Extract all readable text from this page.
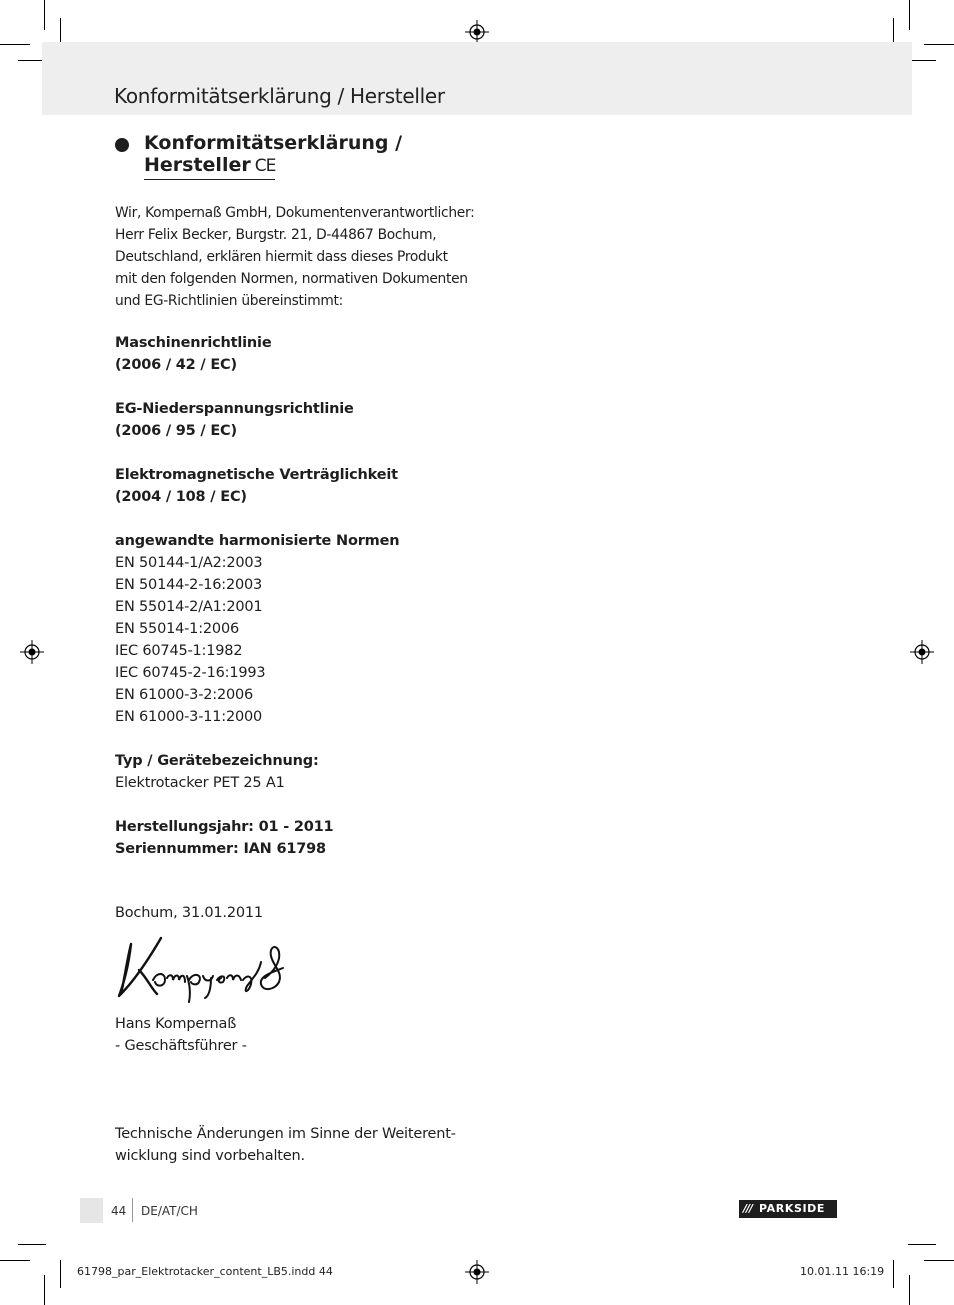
Konformitätserklärung / Hersteller
Konformitätserklärung /
Hersteller CE
Wir, Kompernaß GmbH, Dokumentenverantwortlicher:
Herr Felix Becker, Burgstr. 21, D-44867 Bochum,
Deutschland, erklären hiermit dass dieses Produkt
mit den folgenden Normen, normativen Dokumenten
und EG-Richtlinien übereinstimmt:
Maschinenrichtlinie
(2006 / 42 / EC)
EG-Niederspannungsrichtlinie
(2006 / 95 / EC)
Elektromagnetische Verträglichkeit
(2004 / 108 / EC)
angewandte harmonisierte Normen
EN 50144-1/A2:2003
EN 50144-2-16:2003
EN 55014-2/A1:2001
EN 55014-1:2006
IEC 60745-1:1982
IEC 60745-2-16:1993
EN 61000-3-2:2006
EN 61000-3-11:2000
Typ / Gerätebezeichnung:
Elektrotacker PET 25 A1
Herstellungsjahr: 01 - 2011
Seriennummer: IAN 61798
Bochum, 31.01.2011
Hans Kompernaß
- Geschäftsführer -
Technische Änderungen im Sinne der Weiterent-
wicklung sind vorbehalten.
44 DE/AT/CH	/// PARKSIDE
61798_par_Elektrotacker_content_LB5.indd 44	10.01.11 16:19
